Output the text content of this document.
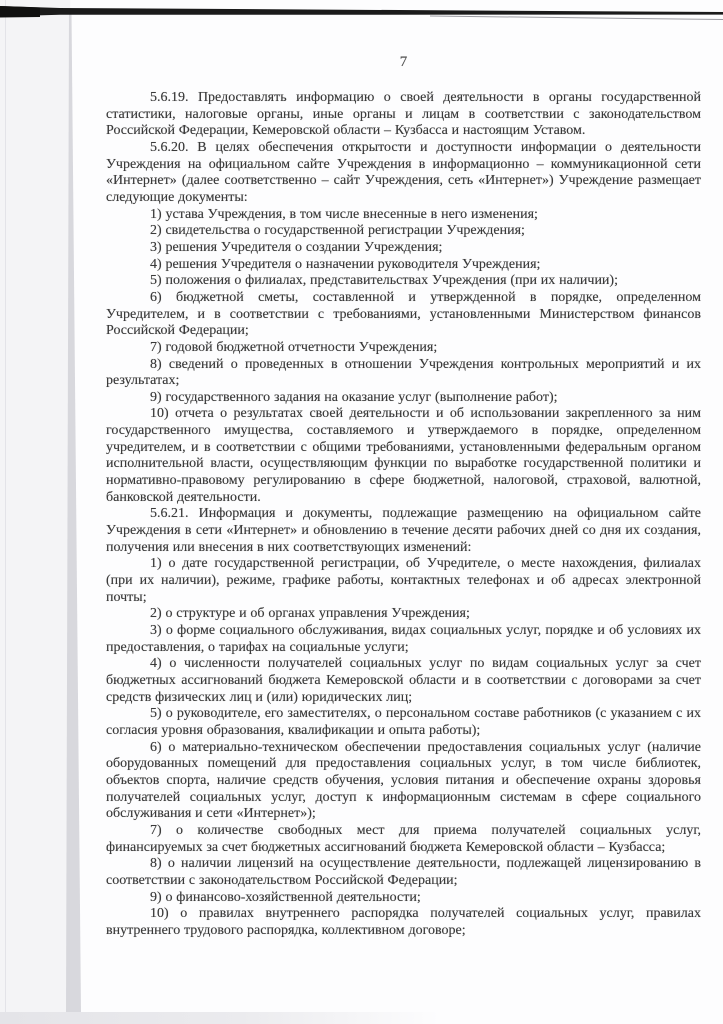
7

5.6.19. Предоставлять информацию о своей деятельности в органы государственной статистики, налоговые органы, иные органы и лицам в соответствии с законодательством Российской Федерации, Кемеровской области – Кузбасса и настоящим Уставом.

5.6.20. В целях обеспечения открытости и доступности информации о деятельности Учреждения на официальном сайте Учреждения в информационно – коммуникационной сети «Интернет» (далее соответственно – сайт Учреждения, сеть «Интернет») Учреждение размещает следующие документы:

1) устава Учреждения, в том числе внесенные в него изменения;

2) свидетельства о государственной регистрации Учреждения;

3) решения Учредителя о создании Учреждения;

4) решения Учредителя о назначении руководителя Учреждения;

5) положения о филиалах, представительствах Учреждения (при их наличии);

6) бюджетной сметы, составленной и утвержденной в порядке, определенном Учредителем, и в соответствии с требованиями, установленными Министерством финансов Российской Федерации;

7) годовой бюджетной отчетности Учреждения;

8) сведений о проведенных в отношении Учреждения контрольных мероприятий и их результатах;

9) государственного задания на оказание услуг (выполнение работ);

10) отчета о результатах своей деятельности и об использовании закрепленного за ним государственного имущества, составляемого и утверждаемого в порядке, определенном учредителем, и в соответствии с общими требованиями, установленными федеральным органом исполнительной власти, осуществляющим функции по выработке государственной политики и нормативно-правовому регулированию в сфере бюджетной, налоговой, страховой, валютной, банковской деятельности.

5.6.21. Информация и документы, подлежащие размещению на официальном сайте Учреждения в сети «Интернет» и обновлению в течение десяти рабочих дней со дня их создания, получения или внесения в них соответствующих изменений:

1) о дате государственной регистрации, об Учредителе, о месте нахождения, филиалах (при их наличии), режиме, графике работы, контактных телефонах и об адресах электронной почты;

2) о структуре и об органах управления Учреждения;

3) о форме социального обслуживания, видах социальных услуг, порядке и об условиях их предоставления, о тарифах на социальные услуги;

4) о численности получателей социальных услуг по видам социальных услуг за счет бюджетных ассигнований бюджета Кемеровской области и в соответствии с договорами за счет средств физических лиц и (или) юридических лиц;

5) о руководителе, его заместителях, о персональном составе работников (с указанием с их согласия уровня образования, квалификации и опыта работы);

6) о материально-техническом обеспечении предоставления социальных услуг (наличие оборудованных помещений для предоставления социальных услуг, в том числе библиотек, объектов спорта, наличие средств обучения, условия питания и обеспечение охраны здоровья получателей социальных услуг, доступ к информационным системам в сфере социального обслуживания и сети «Интернет»);

7) о количестве свободных мест для приема получателей социальных услуг, финансируемых за счет бюджетных ассигнований бюджета Кемеровской области – Кузбасса;

8) о наличии лицензий на осуществление деятельности, подлежащей лицензированию в соответствии с законодательством Российской Федерации;

9) о финансово-хозяйственной деятельности;

10) о правилах внутреннего распорядка получателей социальных услуг, правилах внутреннего трудового распорядка, коллективном договоре;
